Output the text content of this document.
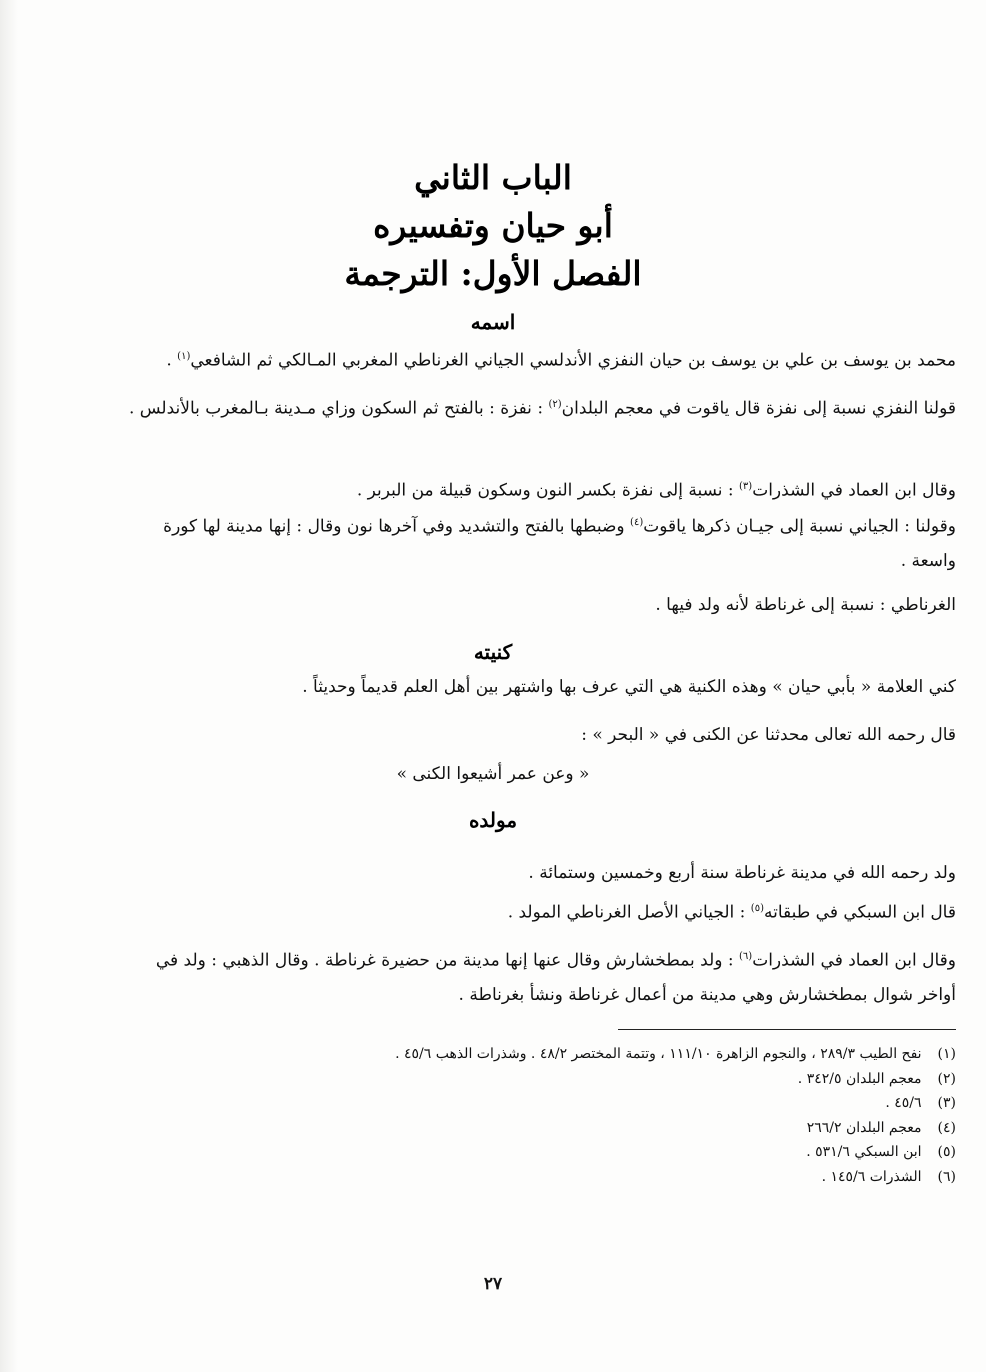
الباب الثاني
أبو حيان وتفسيره
الفصل الأول: الترجمة
اسمه
محمد بن يوسف بن علي بن يوسف بن حيان النفزي الأندلسي الجياني الغرناطي المغربي المـالكي ثم الشافعي$^{(١)}$ .
قولنا النفزي نسبة إلى نفزة قال ياقوت في معجم البلدان$^{(٢)}$ : نفزة : بالفتح ثم السكون وزاي مـدينة بـالمغرب بالأندلس .
وقال ابن العماد في الشذرات$^{(٣)}$ : نسبة إلى نفزة بكسر النون وسكون قبيلة من البربر .
وقولنا : الجياني نسبة إلى جيـان ذكرها ياقوت$^{(٤)}$ وضبطها بالفتح والتشديد وفي آخرها نون وقال : إنها مدينة لها كورة واسعة .
الغرناطي : نسبة إلى غرناطة لأنه ولد فيها .
كنيته
كني العلامة « بأبي حيان » وهذه الكنية هي التي عرف بها واشتهر بين أهل العلم قديماً وحديثاً .
قال رحمه الله تعالى محدثنا عن الكنى في « البحر » :
« وعن عمر أشيعوا الكنى »
مولده
ولد رحمه الله في مدينة غرناطة سنة أربع وخمسين وستمائة .
قال ابن السبكي في طبقاته$^{(٥)}$ : الجياني الأصل الغرناطي المولد .
وقال ابن العماد في الشذرات$^{(٦)}$ : ولد بمطخشارش وقال عنها إنها مدينة من حضيرة غرناطة . وقال الذهبي : ولد في أواخر شوال بمطخشارش وهي مدينة من أعمال غرناطة ونشأ بغرناطة .
(١) نفح الطيب ٢٨٩/٣ ، والنجوم الزاهرة ١١١/١٠ ، وتتمة المختصر ٤٨/٢ . وشذرات الذهب ٤٥/٦ .
(٢) معجم البلدان ٣٤٢/٥ .
(٣) ٤٥/٦ .
(٤) معجم البلدان ٢٦٦/٢
(٥) ابن السبكي ٥٣١/٦ .
(٦) الشذرات ١٤٥/٦ .
٢٧
